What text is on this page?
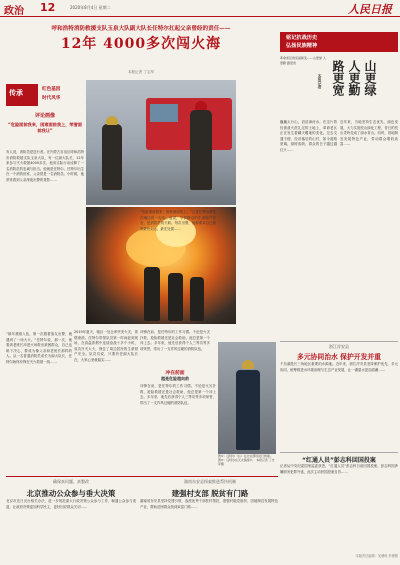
政治 12	2020年8月4日 星期二	人民日报
呼和浩特消防救援支队玉泉大队副大队长任特尔扛起父亲曾经的责任——
12年 4000多次闯火海
本报记者 丁志军
传承	红色基因
时代风华
评论画像
“危险面前我来，困难面前我上，荣誉面前我让”
有人说，消防员是逆行者。在内蒙古自治区呼和浩特市消防救援支队玉泉大队，有一位副大队长，12年来参与灭火救援4000多次，他用实际行动诠释了一名消防员的忠诚与担当。他就是任特尔。任特尔出生在一个消防世家，父亲曾是一名消防员。小时候，他常常看到父亲深夜出警的背影……
“那年我刚入伍，第一次跟着战友出警，就遇到了一场大火。”任特尔说，那一次，他看到老班长冲进火场救出被困群众，自己也暗下决心，要成为像父亲和老班长那样的人。从一名普通消防员成长为副大队长，任特尔始终冲锋在灭火救援一线……
2019年夏天，辖区一处仓库突发火灾，浓烟滚滚。任特尔带领队员第一时间赶到现场，在高温浓烟中连续奋战十多个小时，成功扑灭大火，保住了周边居民的生命财产安全。队员们说，只要有任副大队长在，大家心里就踏实……
冲锋在前，是任特尔的工作习惯。不论是火灾扑救、抢险救援还是社会救助，他总是第一个冲上去。多年来，他先后获得个人三等功等多项荣誉，带出了一支作风过硬的消防队伍。
“危险面前我来，困难面前我上。”这是任特尔常挂在嘴边的一句话。他说，守护群众的生命财产安全，是消防员的天职。每次出警，他都要求自己做到最快到达、最先处置……
冲在前面
越是危险越向前
冲锋在前，是任特尔的工作习惯。不论是火灾扑救、抢险救援还是社会救助，他总是第一个冲上去。多年来，他先后获得个人三等功等多项荣誉，带出了一支作风过硬的消防队伍。
图①：任特尔（右）在火灾现场进行救援。 图②：任特尔在灭火演练中。 本报记者 丁志军摄
铭记抗战历史
弘扬民族精神
山更绿
人更勤
路更宽
本报记者
革命老区的亮丽新变——山更绿 人更勤 路更宽
巍巍太行山，滔滔漳河水。在这片曾经被战火洗礼过的土地上，革命老区正在发生着翻天覆地的变化。过去交通不便、经济落后的山村，如今道路宽阔、绿树成荫，群众的日子越过越红火……
近年来，当地坚持生态优先、绿色发展，大力实施荒山绿化工程，昔日的荒山秃岭变成了绿水青山。同时，因地制宜发展特色产业，带动群众增收致富……
浙江淳安县
多元协同治水 保护开发并重
千岛湖是长三角地区重要的水源地。近年来，浙江淳安县坚持保护优先、多元协同，统筹推进水环境治理与生态产业发展，让一湖碧水更加清澈……
“红通人员”彭志科回国投案
记者从中央纪委国家监委获悉，“红通人员”彭志科日前回国投案。彭志科因涉嫌职务犯罪外逃，此次主动回国投案自首……
确保真问题、真整改
北京推动公众参与垂大决策
北京市近日出台相关办法，进一步规范重大行政决策公众参与工作，畅通公众参与渠道，让政府决策更加科学民主，更好回应群众关切……
湖南东安县探索推进帮扶机制
建强村支部 脱贫有门路
湖南省东安县坚持党建引领，选派优秀干部驻村帮扶，建强村级党组织，因地制宜发展特色产业，帮助贫困群众找到致富门路……
本版责任编辑：吴储岐 李博雅
